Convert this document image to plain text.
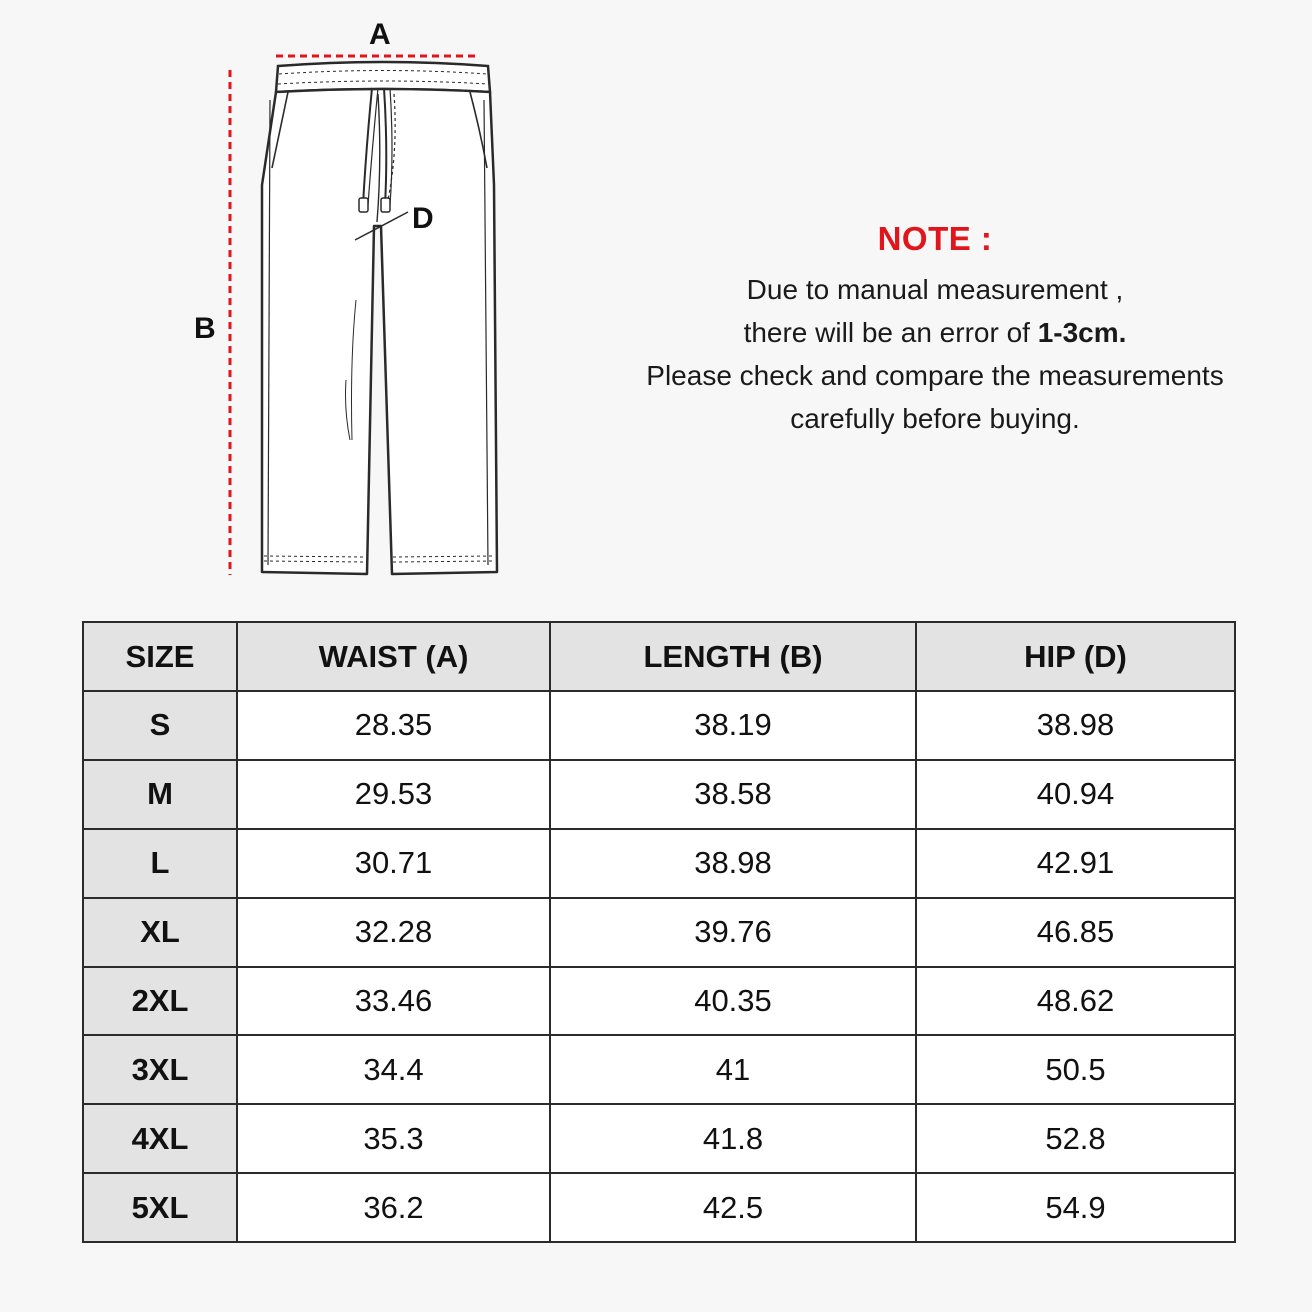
A
B
D
NOTE :
Due to manual measurement ,
there will be an error of 1-3cm.
Please check and compare the measurements
carefully before buying.
SIZE	WAIST (A)	LENGTH (B)	HIP (D)
S	28.35	38.19	38.98
M	29.53	38.58	40.94
L	30.71	38.98	42.91
XL	32.28	39.76	46.85
2XL	33.46	40.35	48.62
3XL	34.4	41	50.5
4XL	35.3	41.8	52.8
5XL	36.2	42.5	54.9
